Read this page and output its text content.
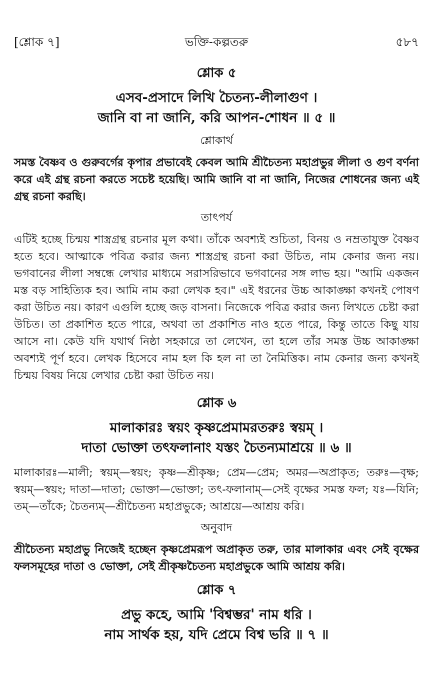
[শ্লোক ৭]	ভক্তি-কল্পতরু	৫৮৭
শ্লোক ৫

এসব-প্রসাদে লিখি চৈতন্য-লীলাগুণ ।

জানি বা না জানি, করি আপন-শোধন ॥ ৫ ॥

শ্লোকার্থ

সমস্ত বৈষ্ণব ও গুরুবর্গের কৃপার প্রভাবেই কেবল আমি শ্রীচৈতন্য মহাপ্রভুর লীলা ও গুণ বর্ণনা করে এই গ্রন্থ রচনা করতে সচেষ্ট হয়েছি। আমি জানি বা না জানি, নিজের শোধনের জন্য এই গ্রন্থ রচনা করছি।

তাৎপর্য

এটিই হচ্ছে চিন্ময় শাস্ত্রগ্রন্থ রচনার মূল কথা। তাঁকে অবশ্যই শুচিতা, বিনয় ও নম্রতাযুক্ত বৈষ্ণব হতে হবে। আত্মাকে পবিত্র করার জন্য শাস্ত্রগ্রন্থ রচনা করা উচিত, নাম কেনার জন্য নয়। ভগবানের লীলা সম্বন্ধে লেখার মাধ্যমে সরাসরিভাবে ভগবানের সঙ্গ লাভ হয়। "আমি একজন মস্ত বড় সাহিত্যিক হব। আমি নাম করা লেখক হব।" এই ধরনের উচ্চ আকাঙ্ক্ষা কখনই পোষণ করা উচিত নয়। কারণ এগুলি হচ্ছে জড় বাসনা। নিজেকে পবিত্র করার জন্য লিখতে চেষ্টা করা উচিত। তা প্রকাশিত হতে পারে, অথবা তা প্রকাশিত নাও হতে পারে, কিন্তু তাতে কিছু যায় আসে না। কেউ যদি যথার্থ নিষ্ঠা সহকারে তা লেখেন, তা হলে তাঁর সমস্ত উচ্চ আকাঙ্ক্ষা অবশ্যই পূর্ণ হবে। লেখক হিসেবে নাম হল কি হল না তা নৈমিত্তিক। নাম কেনার জন্য কখনই চিন্ময় বিষয় নিয়ে লেখার চেষ্টা করা উচিত নয়।

শ্লোক ৬

মালাকারঃ স্বয়ং কৃষ্ণপ্রেমামরতরুঃ স্বয়ম্ ।

দাতা ভোক্তা তৎফলানাং যস্তং চৈতন্যমাশ্রয়ে ॥ ৬ ॥

মালাকারঃ—মালী; স্বয়ম্—স্বয়ং; কৃষ্ণ—শ্রীকৃষ্ণ; প্রেম—প্রেম; অমর—অপ্রাকৃত; তরুঃ—বৃক্ষ; স্বয়ম্—স্বয়ং; দাতা—দাতা; ভোক্তা—ভোক্তা; তৎ-ফলানাম্—সেই বৃক্ষের সমস্ত ফল; যঃ—যিনি; তম্—তাঁকে; চৈতন্যম্—শ্রীচৈতন্য মহাপ্রভুকে; আশ্রয়ে—আশ্রয় করি।

অনুবাদ

শ্রীচৈতন্য মহাপ্রভু নিজেই হচ্ছেন কৃষ্ণপ্রেমরূপ অপ্রাকৃত তরু, তার মালাকার এবং সেই বৃক্ষের ফলসমূহের দাতা ও ভোক্তা, সেই শ্রীকৃষ্ণচৈতন্য মহাপ্রভুকে আমি আশ্রয় করি।

শ্লোক ৭

প্রভু কহে, আমি 'বিশ্বম্ভর' নাম ধরি ।

নাম সার্থক হয়, যদি প্রেমে বিশ্ব ভরি ॥ ৭ ॥
